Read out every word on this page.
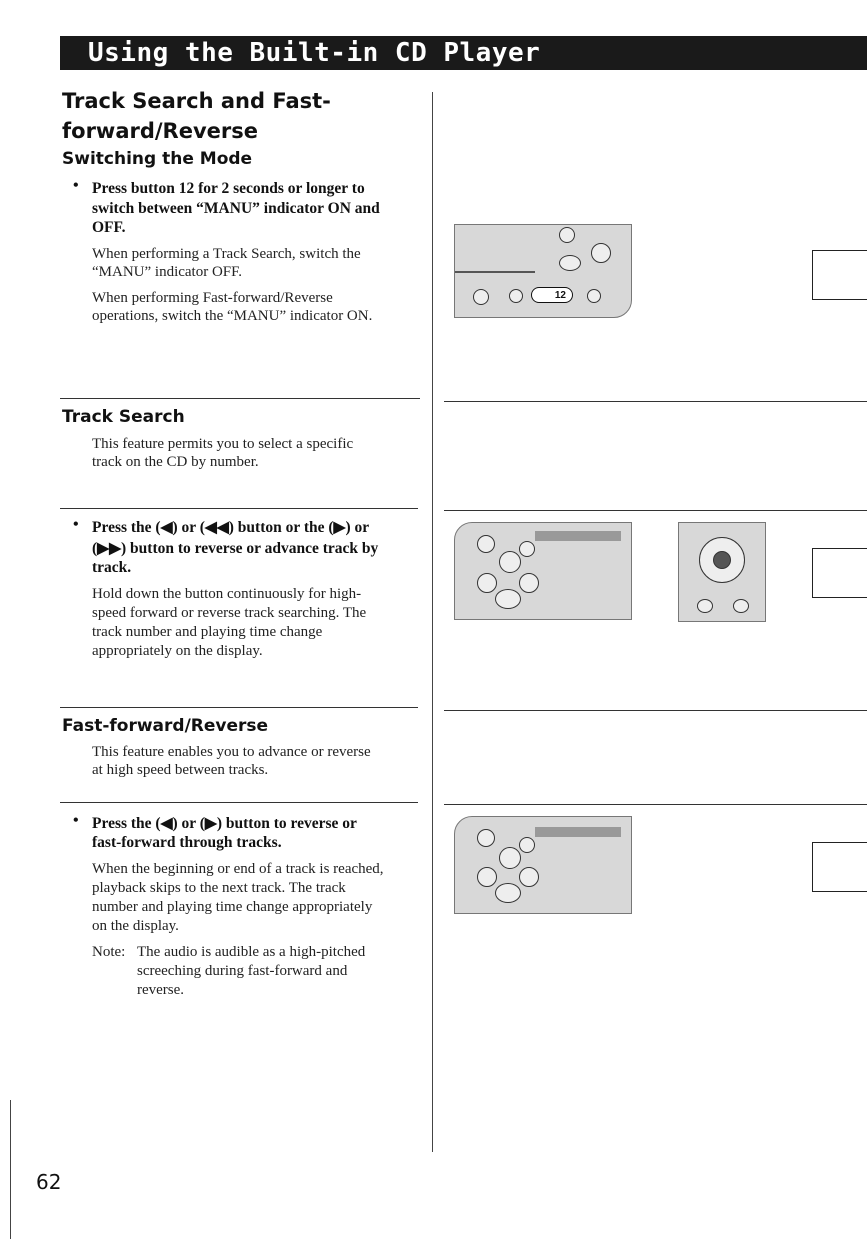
Using the Built-in CD Player
Track Search and Fast-
forward/Reverse
Switching the Mode
• Press button 12 for 2 seconds or longer to
switch between “MANU” indicator ON and
OFF.
When performing a Track Search, switch the
“MANU” indicator OFF.
When performing Fast-forward/Reverse
operations, switch the “MANU” indicator ON.
12
Track Search
This feature permits you to select a specific
track on the CD by number.
• Press the (◀) or (◀◀) button or the (▶) or
(▶▶) button to reverse or advance track by
track.
Hold down the button continuously for high-
speed forward or reverse track searching. The
track number and playing time change
appropriately on the display.
Fast-forward/Reverse
This feature enables you to advance or reverse
at high speed between tracks.
• Press the (◀) or (▶) button to reverse or
fast-forward through tracks.
When the beginning or end of a track is reached,
playback skips to the next track. The track
number and playing time change appropriately
on the display.
Note: The audio is audible as a high-pitched
screeching during fast-forward and
reverse.
62
